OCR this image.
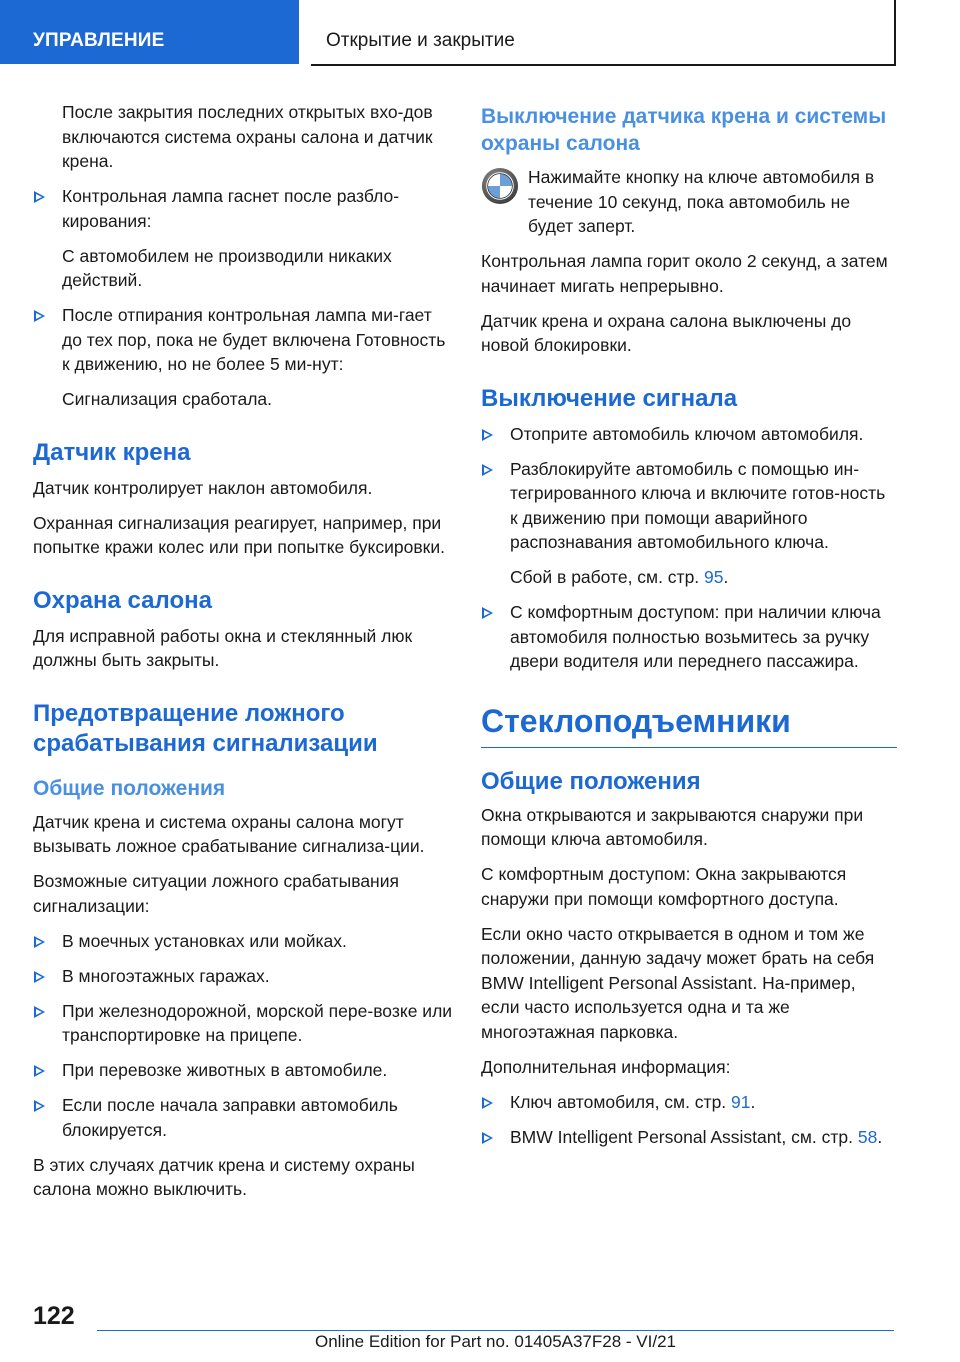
УПРАВЛЕНИЕ	Открытие и закрытие

После закрытия последних открытых вхо-дов включаются система охраны салона и датчик крена.

Контрольная лампа гаснет после разбло-кирования:

С автомобилем не производили никаких действий.

После отпирания контрольная лампа ми-гает до тех пор, пока не будет включена Готовность к движению, но не более 5 ми-нут:

Сигнализация сработала.

Датчик крена

Датчик контролирует наклон автомобиля.

Охранная сигнализация реагирует, например, при попытке кражи колес или при попытке буксировки.

Охрана салона

Для исправной работы окна и стеклянный люк должны быть закрыты.

Предотвращение ложного срабатывания сигнализации
Общие положения

Датчик крена и система охраны салона могут вызывать ложное срабатывание сигнализа-ции.

Возможные ситуации ложного срабатывания сигнализации:

В моечных установках или мойках.
В многоэтажных гаражах.
При железнодорожной, морской пере-возке или транспортировке на прицепе.
При перевозке животных в автомобиле.
Если после начала заправки автомобиль блокируется.

В этих случаях датчик крена и систему охраны салона можно выключить.

Выключение датчика крена и системы охраны салона

Нажимайте кнопку на ключе автомобиля в течение 10 секунд, пока автомобиль не будет заперт.

Контрольная лампа горит около 2 секунд, а затем начинает мигать непрерывно.

Датчик крена и охрана салона выключены до новой блокировки.

Выключение сигнала
Отоприте автомобиль ключом автомобиля.
Разблокируйте автомобиль с помощью ин-тегрированного ключа и включите готов-ность к движению при помощи аварийного распознавания автомобильного ключа.

Сбой в работе, см. стр. 95.

С комфортным доступом: при наличии ключа автомобиля полностью возьмитесь за ручку двери водителя или переднего пассажира.
Стеклоподъемники
Общие положения

Окна открываются и закрываются снаружи при помощи ключа автомобиля.

С комфортным доступом: Окна закрываются снаружи при помощи комфортного доступа.

Если окно часто открывается в одном и том же положении, данную задачу может брать на себя BMW Intelligent Personal Assistant. На-пример, если часто используется одна и та же многоэтажная парковка.

Дополнительная информация:

Ключ автомобиля, см. стр. 91.
BMW Intelligent Personal Assistant, см. стр. 58.
122
Online Edition for Part no. 01405A37F28 - VI/21
